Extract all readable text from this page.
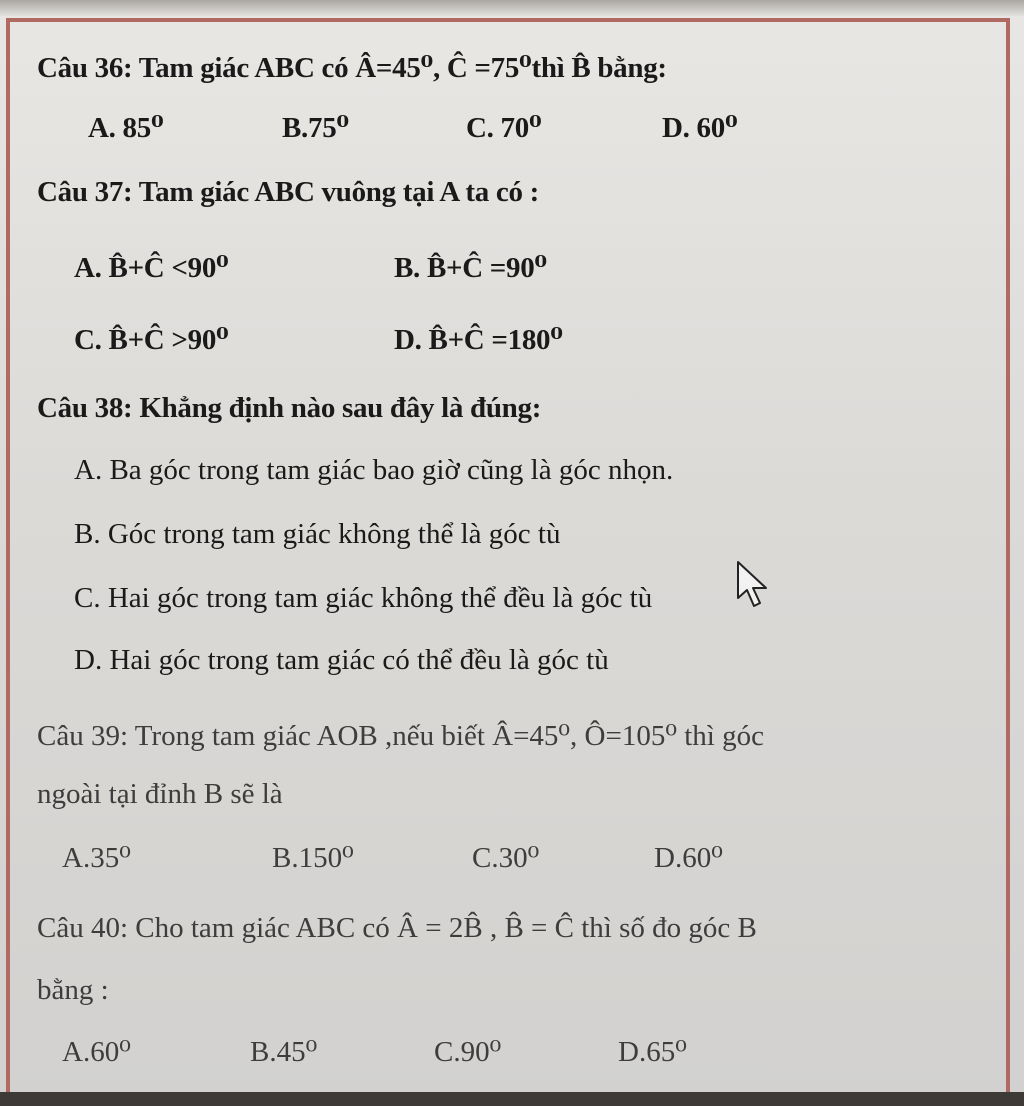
Câu 36: Tam giác ABC có Â=45⁰, Ĉ =75⁰thì B̂ bằng:
A. 85⁰	B.75⁰	C. 70⁰	D. 60⁰
Câu 37: Tam giác ABC vuông tại A ta có :
A. B̂+Ĉ <90⁰	B. B̂+Ĉ =90⁰
C. B̂+Ĉ >90⁰	D. B̂+Ĉ =180⁰
Câu 38: Khẳng định nào sau đây là đúng:
A. Ba góc trong tam giác bao giờ cũng là góc nhọn.
B. Góc trong tam giác không thể là góc tù
C. Hai góc trong tam giác không thể đều là góc tù
D. Hai góc trong tam giác có thể đều là góc tù
Câu 39: Trong tam giác AOB ,nếu biết Â=45⁰, Ô=105⁰ thì góc
ngoài tại đỉnh B sẽ là
A.35⁰	B.150⁰	C.30⁰	D.60⁰
Câu 40: Cho tam giác ABC có Â = 2B̂ , B̂ = Ĉ thì số đo góc B
bằng :
A.60⁰	B.45⁰	C.90⁰	D.65⁰
